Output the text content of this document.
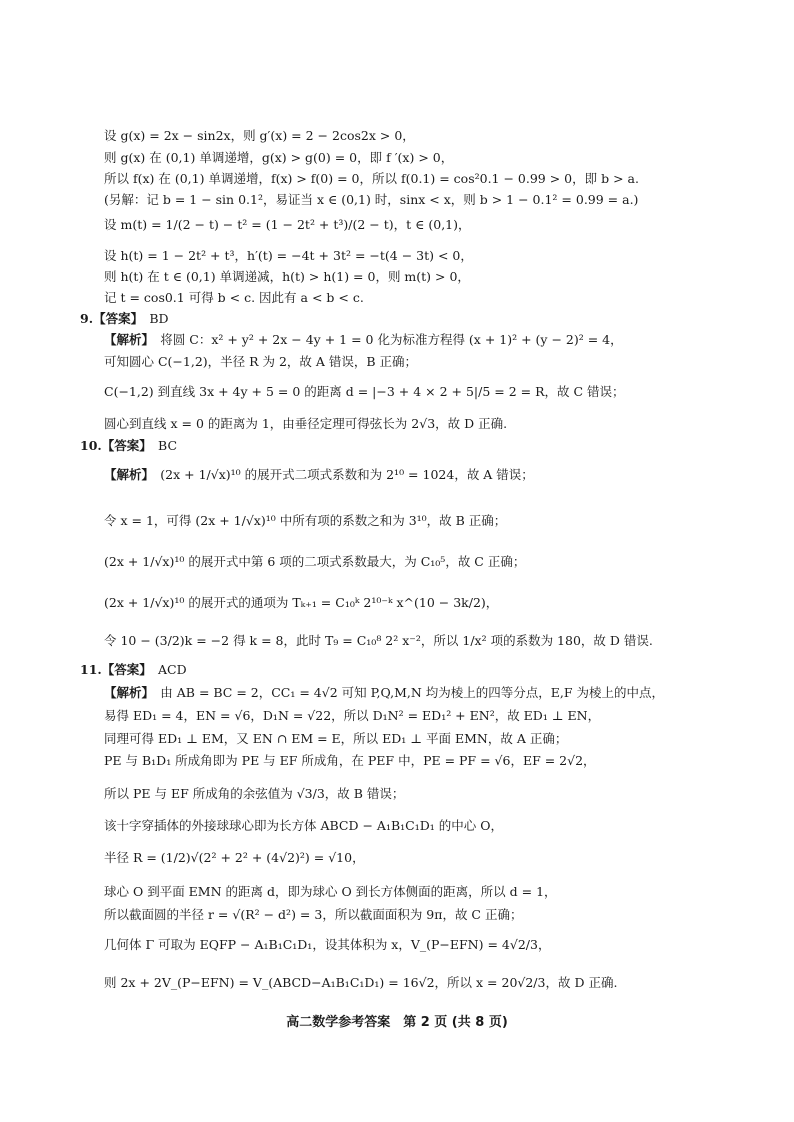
设 g(x) = 2x − sin2x，则 g′(x) = 2 − 2cos2x > 0，
则 g(x) 在 (0,1) 单调递增，g(x) > g(0) = 0，即 f ′(x) > 0，
所以 f(x) 在 (0,1) 单调递增，f(x) > f(0) = 0，所以 f(0.1) = cos²0.1 − 0.99 > 0，即 b > a.
(另解：记 b = 1 − sin 0.1²，易证当 x ∈ (0,1) 时，sinx < x，则 b > 1 − 0.1² = 0.99 = a.)
设 m(t) = 1/(2 − t) − t² = (1 − 2t² + t³)/(2 − t)，t ∈ (0,1)，
设 h(t) = 1 − 2t² + t³，h′(t) = −4t + 3t² = −t(4 − 3t) < 0，
则 h(t) 在 t ∈ (0,1) 单调递减，h(t) > h(1) = 0，则 m(t) > 0，
记 t = cos0.1 可得 b < c. 因此有 a < b < c.
9.【答案】　 BD
【解析】　 将圆 C：x² + y² + 2x − 4y + 1 = 0 化为标准方程得 (x + 1)² + (y − 2)² = 4，
可知圆心 C(−1,2)，半径 R 为 2，故 A 错误，B 正确；
C(−1,2) 到直线 3x + 4y + 5 = 0 的距离 d = |−3 + 4 × 2 + 5|/5 = 2 = R，故 C 错误；
圆心到直线 x = 0 的距离为 1，由垂径定理可得弦长为 2√3，故 D 正确.
10.【答案】　 BC
【解析】　 (2x + 1/√x)¹⁰ 的展开式二项式系数和为 2¹⁰ = 1024，故 A 错误；
令 x = 1，可得 (2x + 1/√x)¹⁰ 中所有项的系数之和为 3¹⁰，故 B 正确；
(2x + 1/√x)¹⁰ 的展开式中第 6 项的二项式系数最大，为 C₁₀⁵，故 C 正确；
(2x + 1/√x)¹⁰ 的展开式的通项为 Tₖ₊₁ = C₁₀ᵏ 2¹⁰⁻ᵏ x^(10 − 3k/2)，
令 10 − (3/2)k = −2 得 k = 8，此时 T₉ = C₁₀⁸ 2² x⁻²，所以 1/x² 项的系数为 180，故 D 错误.
11.【答案】　 ACD
【解析】　 由 AB = BC = 2，CC₁ = 4√2 可知 P,Q,M,N 均为棱上的四等分点，E,F 为棱上的中点，
易得 ED₁ = 4，EN = √6，D₁N = √22，所以 D₁N² = ED₁² + EN²，故 ED₁ ⊥ EN，
同理可得 ED₁ ⊥ EM，又 EN ∩ EM = E，所以 ED₁ ⊥ 平面 EMN，故 A 正确；
PE 与 B₁D₁ 所成角即为 PE 与 EF 所成角，在 PEF 中，PE = PF = √6，EF = 2√2，
所以 PE 与 EF 所成角的余弦值为 √3/3，故 B 错误；
该十字穿插体的外接球球心即为长方体 ABCD − A₁B₁C₁D₁ 的中心 O，
半径 R = (1/2)√(2² + 2² + (4√2)²) = √10，
球心 O 到平面 EMN 的距离 d，即为球心 O 到长方体侧面的距离，所以 d = 1，
所以截面圆的半径 r = √(R² − d²) = 3，所以截面面积为 9π，故 C 正确；
几何体 Γ 可取为 EQFP − A₁B₁C₁D₁，设其体积为 x，V_(P−EFN) = 4√2/3，
则 2x + 2V_(P−EFN) = V_(ABCD−A₁B₁C₁D₁) = 16√2，所以 x = 20√2/3，故 D 正确.
高二数学参考答案　第 2 页 (共 8 页)
